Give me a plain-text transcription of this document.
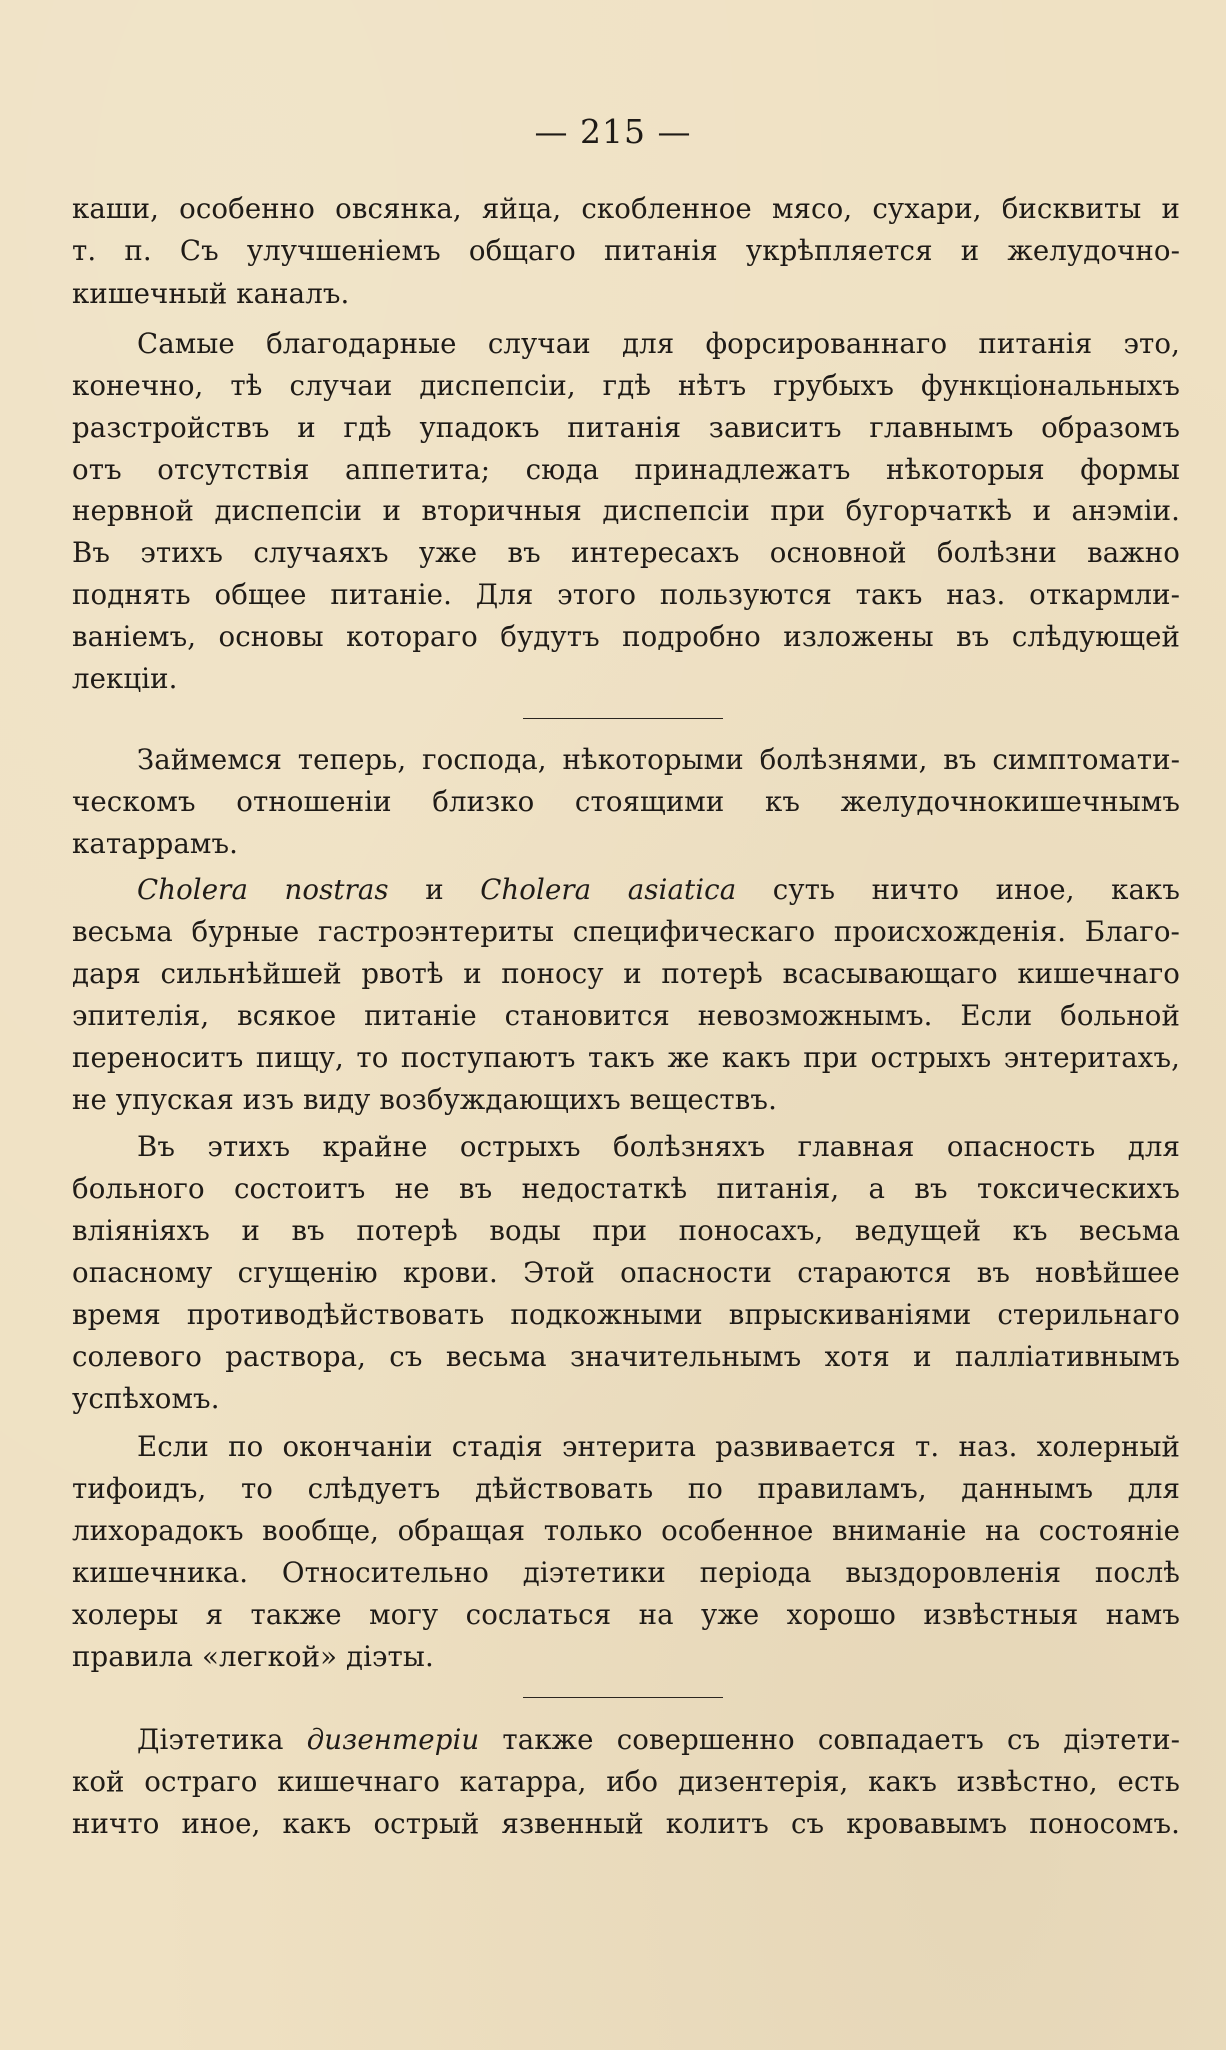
— 215 —
каши, особенно овсянка, яйца, скобленное мясо, сухари, бисквиты и
т. п. Съ улучшеніемъ общаго питанія укрѣпляется и желудочно-
кишечный каналъ.
Самые благодарные случаи для форсированнаго питанія это,
конечно, тѣ случаи диспепсіи, гдѣ нѣтъ грубыхъ функціональныхъ
разстройствъ и гдѣ упадокъ питанія зависитъ главнымъ образомъ
отъ отсутствія аппетита; сюда принадлежатъ нѣкоторыя формы
нервной диспепсіи и вторичныя диспепсіи при бугорчаткѣ и анэміи.
Въ этихъ случаяхъ уже въ интересахъ основной болѣзни важно
поднять общее питаніе. Для этого пользуются такъ наз. откармли-
ваніемъ, основы котораго будутъ подробно изложены въ слѣдующей
лекціи.
Займемся теперь, господа, нѣкоторыми болѣзнями, въ симптомати-
ческомъ отношеніи близко стоящими къ желудочнокишечнымъ
катаррамъ.
Cholera nostras и Cholera asiatica суть ничто иное, какъ
весьма бурные гастроэнтериты специфическаго происхожденія. Благо-
даря сильнѣйшей рвотѣ и поносу и потерѣ всасывающаго кишечнаго
эпителія, всякое питаніе становится невозможнымъ. Если больной
переноситъ пищу, то поступаютъ такъ же какъ при острыхъ энтеритахъ,
не упуская изъ виду возбуждающихъ веществъ.
Въ этихъ крайне острыхъ болѣзняхъ главная опасность для
больного состоитъ не въ недостаткѣ питанія, а въ токсическихъ
вліяніяхъ и въ потерѣ воды при поносахъ, ведущей къ весьма
опасному сгущенію крови. Этой опасности стараются въ новѣйшее
время противодѣйствовать подкожными впрыскиваніями стерильнаго
солевого раствора, съ весьма значительнымъ хотя и палліативнымъ
успѣхомъ.
Если по окончаніи стадія энтерита развивается т. наз. холерный
тифоидъ, то слѣдуетъ дѣйствовать по правиламъ, даннымъ для
лихорадокъ вообще, обращая только особенное вниманіе на состояніе
кишечника. Относительно діэтетики періода выздоровленія послѣ
холеры я также могу сослаться на уже хорошо извѣстныя намъ
правила «легкой» діэты.
Діэтетика дизентеріи также совершенно совпадаетъ съ діэтети-
кой остраго кишечнаго катарра, ибо дизентерія, какъ извѣстно, есть
ничто иное, какъ острый язвенный колитъ съ кровавымъ поносомъ.
